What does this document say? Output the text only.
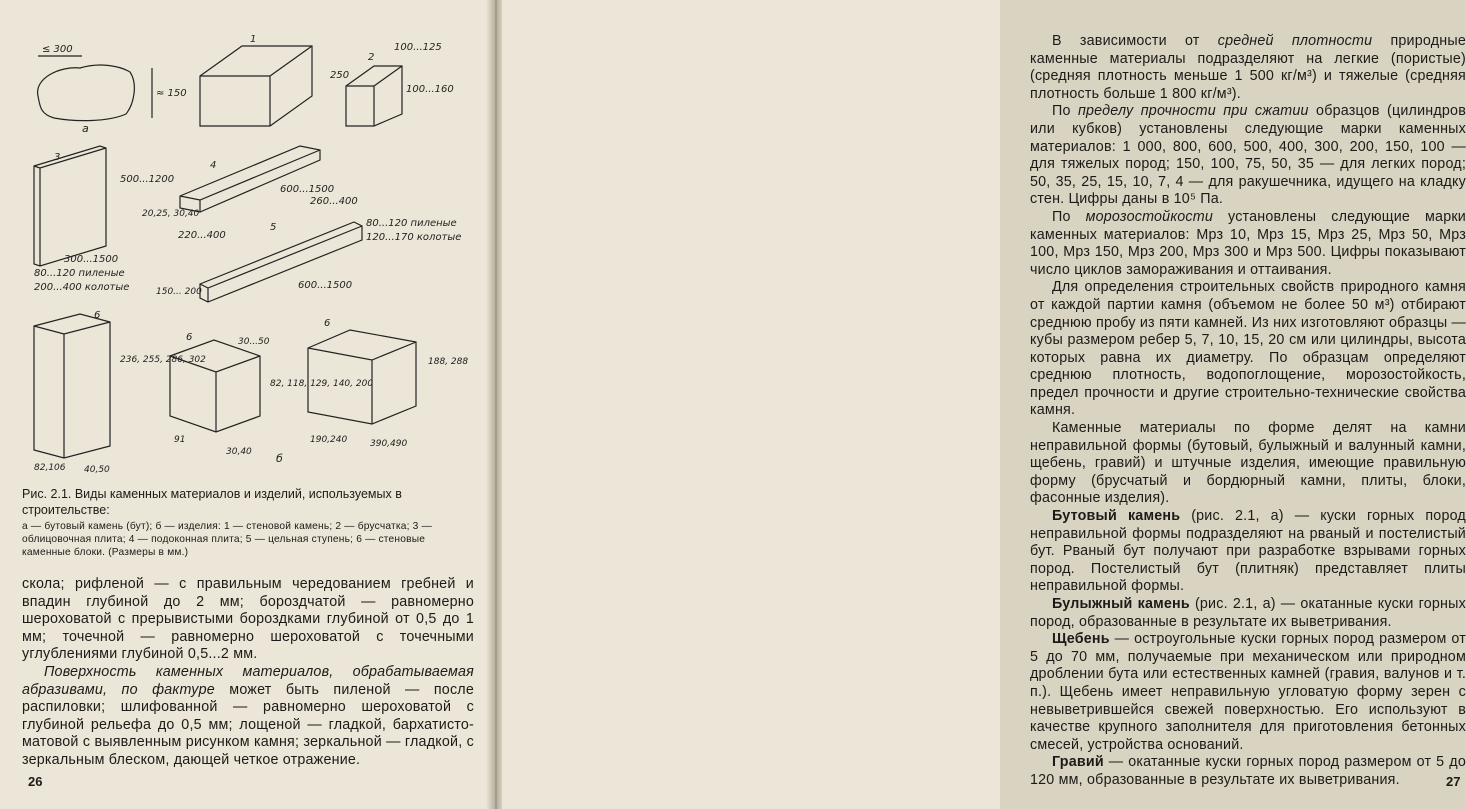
≤ 300
≈ 150
а
1
2
100...125
100...160
250
3
500...1200
300...1500
80...120 пиленые
200...400 колотые
4
20,25, 30,40
220...400
600...1500
260...400
80...120 пиленые
120...170 колотые
5
150... 200
600...1500
6
236, 255, 286, 302
82,106 40,50
6	30...50
82, 118, 129, 140, 200
91
30,40 б
6
188, 288
190,240	390,490
Рис. 2.1. Виды каменных материалов и изделий, используемых в строительстве:
а — бутовый камень (бут); б — изделия: 1 — стеновой камень; 2 — брусчатка; 3 — облицовочная плита; 4 — подоконная плита; 5 — цельная ступень; 6 — стеновые каменные блоки. (Размеры в мм.)

скола; рифленой — с правильным чередованием гребней и впадин глубиной до 2 мм; бороздчатой — равномерно шероховатой с прерывистыми бороздками глубиной от 0,5 до 1 мм; точечной — равномерно шероховатой с точечными углублениями глубиной 0,5...2 мм.

Поверхность каменных материалов, обрабатываемая абразивами, по фактуре может быть пиленой — после распиловки; шлифованной — равномерно шероховатой с глубиной рельефа до 0,5 мм; лощеной — гладкой, бархатисто-матовой с выявленным рисунком камня; зеркальной — гладкой, с зеркальным блеском, дающей четкое отражение.

26

В зависимости от средней плотности природные каменные материалы подразделяют на легкие (пористые) (средняя плотность меньше 1 500 кг/м³) и тяжелые (средняя плотность больше 1 800 кг/м³).

По пределу прочности при сжатии образцов (цилиндров или кубков) установлены следующие марки каменных материалов: 1 000, 800, 600, 500, 400, 300, 200, 150, 100 — для тяжелых пород; 150, 100, 75, 50, 35 — для легких пород; 50, 35, 25, 15, 10, 7, 4 — для ракушечника, идущего на кладку стен. Цифры даны в 10⁵ Па.

По морозостойкости установлены следующие марки каменных материалов: Мрз 10, Мрз 15, Мрз 25, Мрз 50, Мрз 100, Мрз 150, Мрз 200, Мрз 300 и Мрз 500. Цифры показывают число циклов замораживания и оттаивания.

Для определения строительных свойств природного камня от каждой партии камня (объемом не более 50 м³) отбирают среднюю пробу из пяти камней. Из них изготовляют образцы — кубы размером ребер 5, 7, 10, 15, 20 см или цилиндры, высота которых равна их диаметру. По образцам определяют среднюю плотность, водопоглощение, морозостойкость, предел прочности и другие строительно-технические свойства камня.

Каменные материалы по форме делят на камни неправильной формы (бутовый, булыжный и валунный камни, щебень, гравий) и штучные изделия, имеющие правильную форму (брусчатый и бордюрный камни, плиты, блоки, фасонные изделия).

Бутовый камень (рис. 2.1, а) — куски горных пород неправильной формы подразделяют на рваный и постелистый бут. Рваный бут получают при разработке взрывами горных пород. Постелистый бут (плитняк) представляет плиты неправильной формы.

Булыжный камень (рис. 2.1, а) — окатанные куски горных пород, образованные в результате их выветривания.

Щебень — остроугольные куски горных пород размером от 5 до 70 мм, получаемые при механическом или природном дроблении бута или естественных камней (гравия, валунов и т. п.). Щебень имеет неправильную угловатую форму зерен с невыветрившейся свежей поверхностью. Его используют в качестве крупного заполнителя для приготовления бетонных смесей, устройства оснований.

Гравий — окатанные куски горных пород размером от 5 до 120 мм, образованные в результате их выветривания.	27
